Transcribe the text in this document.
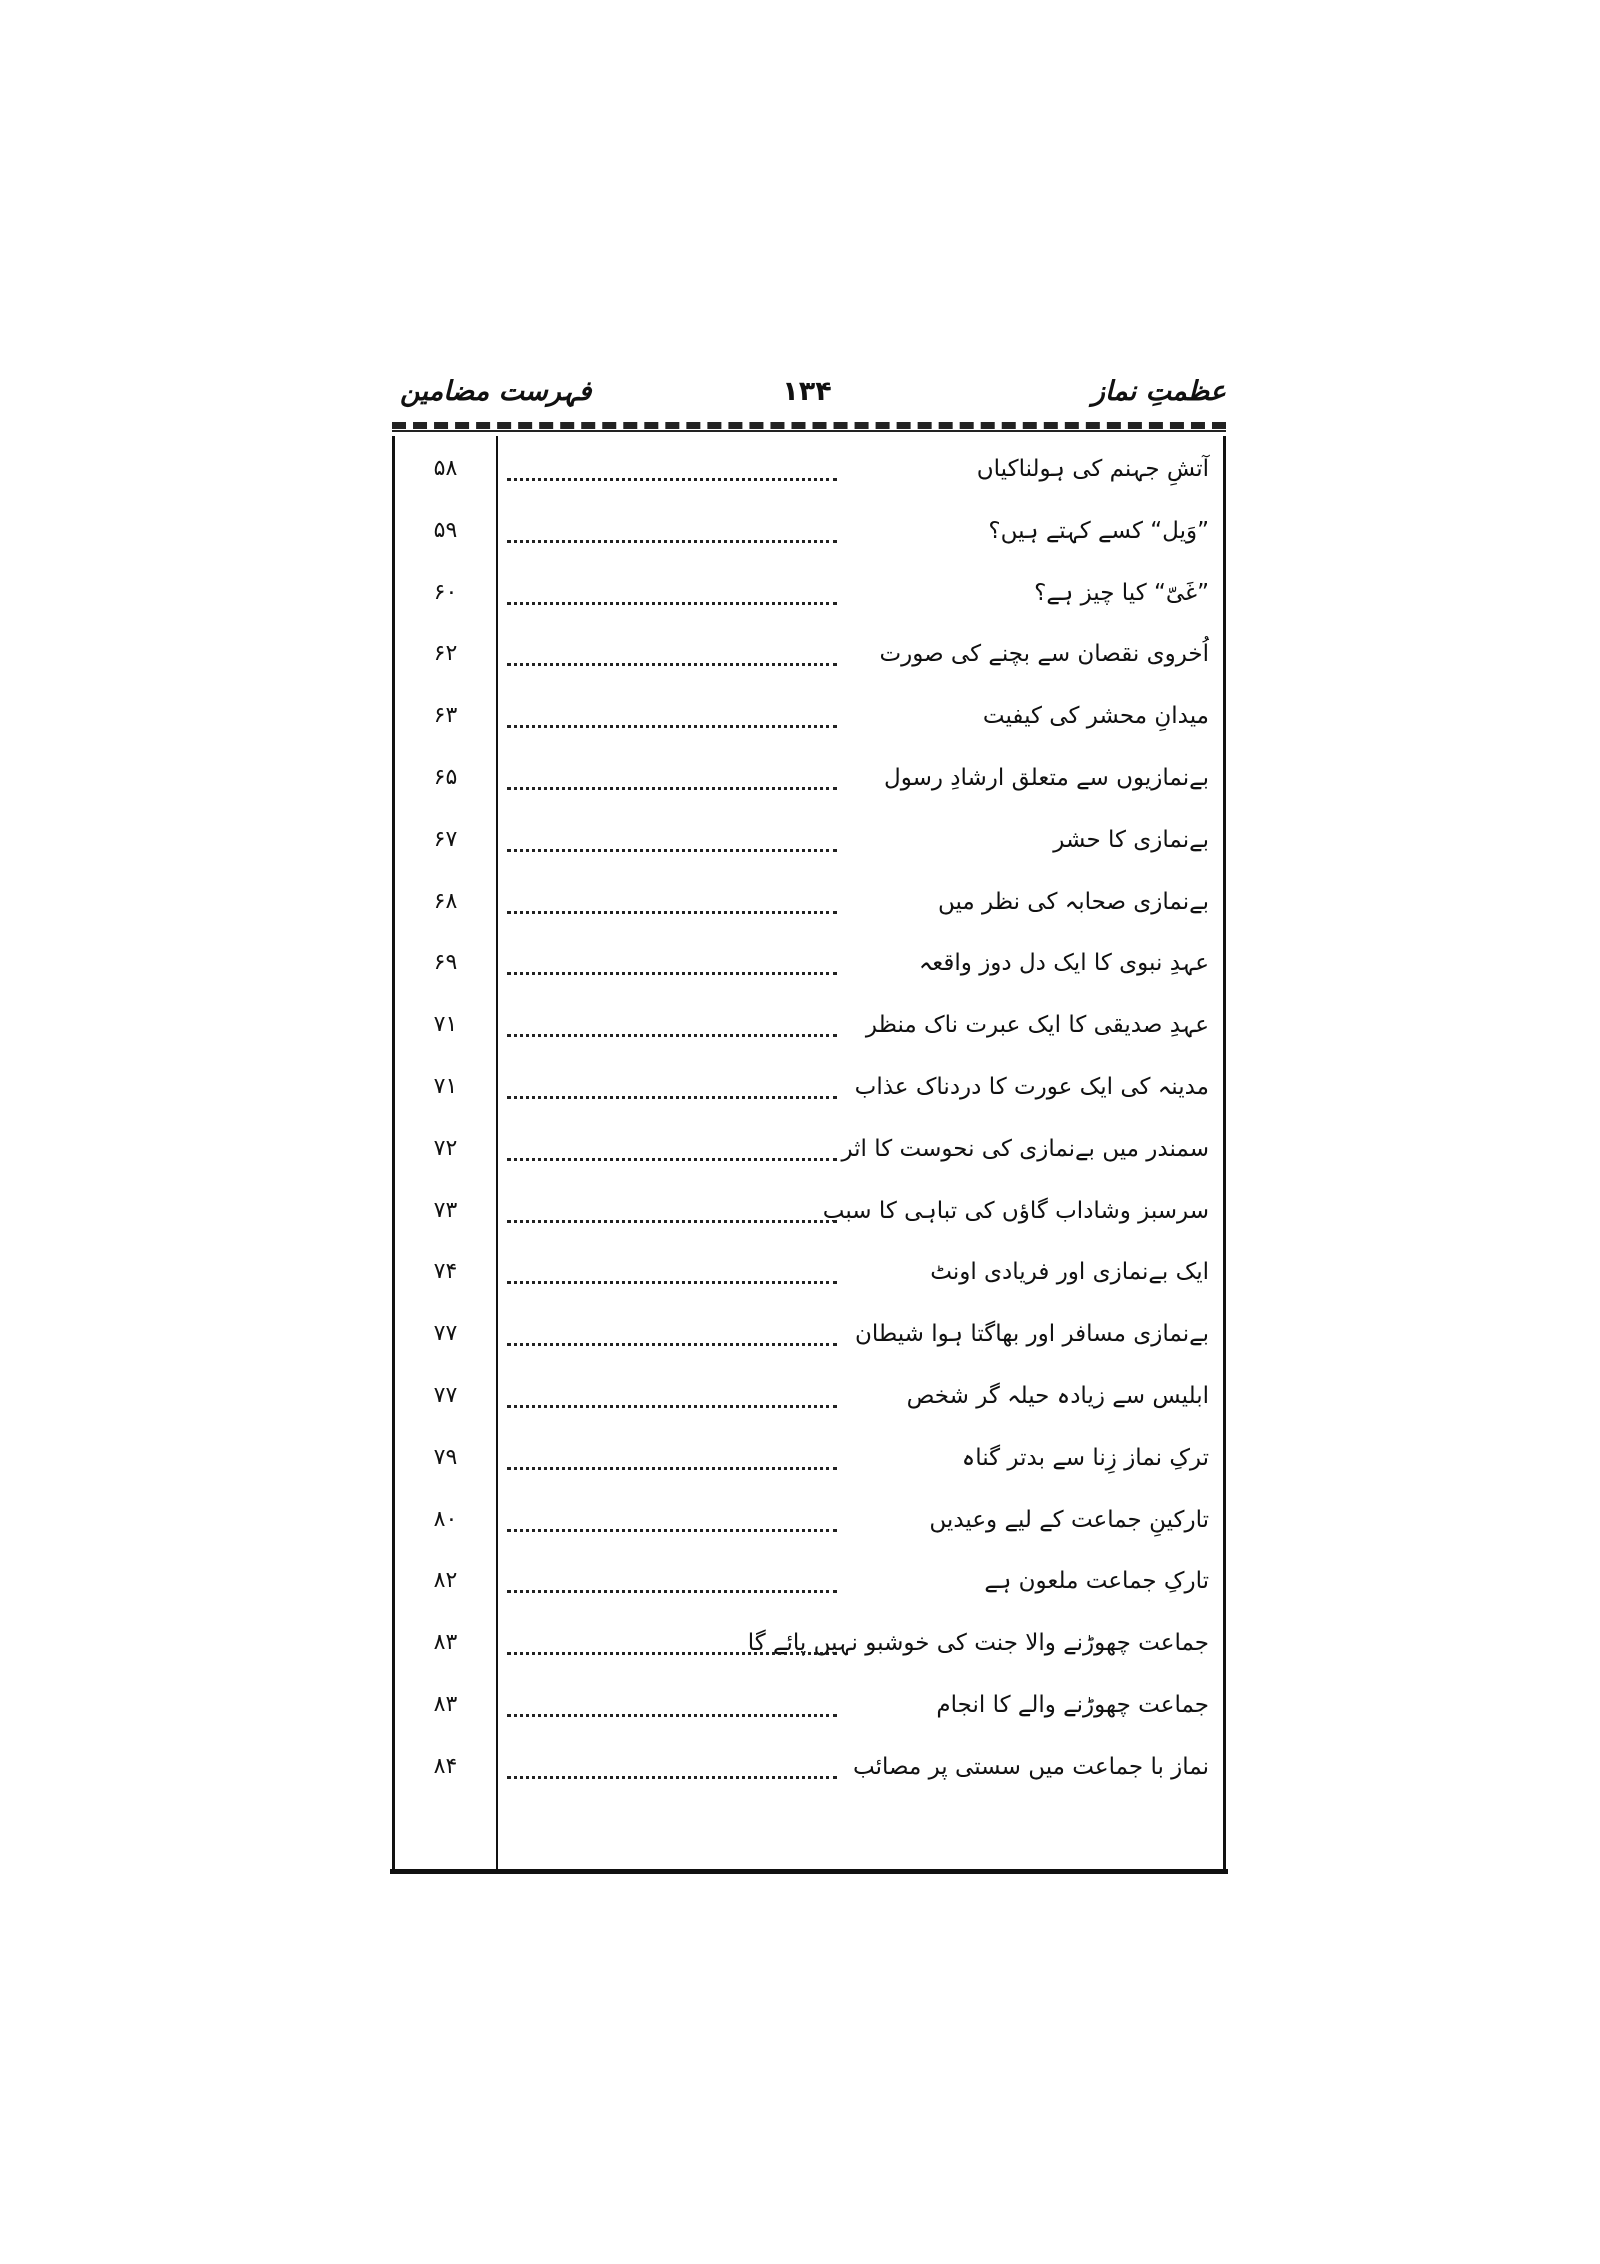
عظمتِ نماز
۱۳۴
فہرست مضامین
آتشِ جہنم کی ہولناکیاں
۵۸
”وَیل“ کسے کہتے ہیں؟
۵۹
”غَیّ“ کیا چیز ہے؟
۶۰
اُخروی نقصان سے بچنے کی صورت
۶۲
میدانِ محشر کی کیفیت
۶۳
بےنمازیوں سے متعلق ارشادِ رسول
۶۵
بےنمازی کا حشر
۶۷
بےنمازی صحابہ کی نظر میں
۶۸
عہدِ نبوی کا ایک دل دوز واقعہ
۶۹
عہدِ صدیقی کا ایک عبرت ناک منظر
۷۱
مدینہ کی ایک عورت کا دردناک عذاب
۷۱
سمندر میں بےنمازی کی نحوست کا اثر
۷۲
سرسبز وشاداب گاؤں کی تباہی کا سبب
۷۳
ایک بےنمازی اور فریادی اونٹ
۷۴
بےنمازی مسافر اور بھاگتا ہوا شیطان
۷۷
ابلیس سے زیادہ حیلہ گر شخص
۷۷
ترکِ نماز زِنا سے بدتر گناہ
۷۹
تارکینِ جماعت کے لیے وعیدیں
۸۰
تارکِ جماعت ملعون ہے
۸۲
جماعت چھوڑنے والا جنت کی خوشبو نہیں پائے گا
۸۳
جماعت چھوڑنے والے کا انجام
۸۳
نماز با جماعت میں سستی پر مصائب
۸۴
